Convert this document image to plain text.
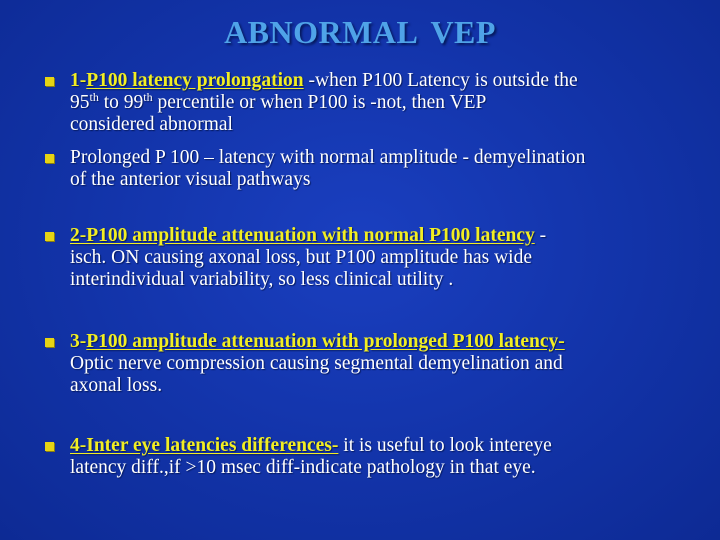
ABNORMAL VEP
1-P100 latency prolongation -when P100 Latency is outside the
95th to 99th percentile or when P100 is -not, then VEP
considered abnormal
Prolonged P 100 – latency with normal amplitude - demyelination
of the anterior visual pathways
2-P100 amplitude attenuation with normal P100 latency -
isch. ON causing axonal loss, but P100 amplitude has wide
interindividual variability, so less clinical utility .
3-P100 amplitude attenuation with prolonged P100 latency-
Optic nerve compression causing segmental demyelination and
axonal loss.
4-Inter eye latencies differences- it is useful to look intereye
latency diff.,if >10 msec diff-indicate pathology in that eye.
